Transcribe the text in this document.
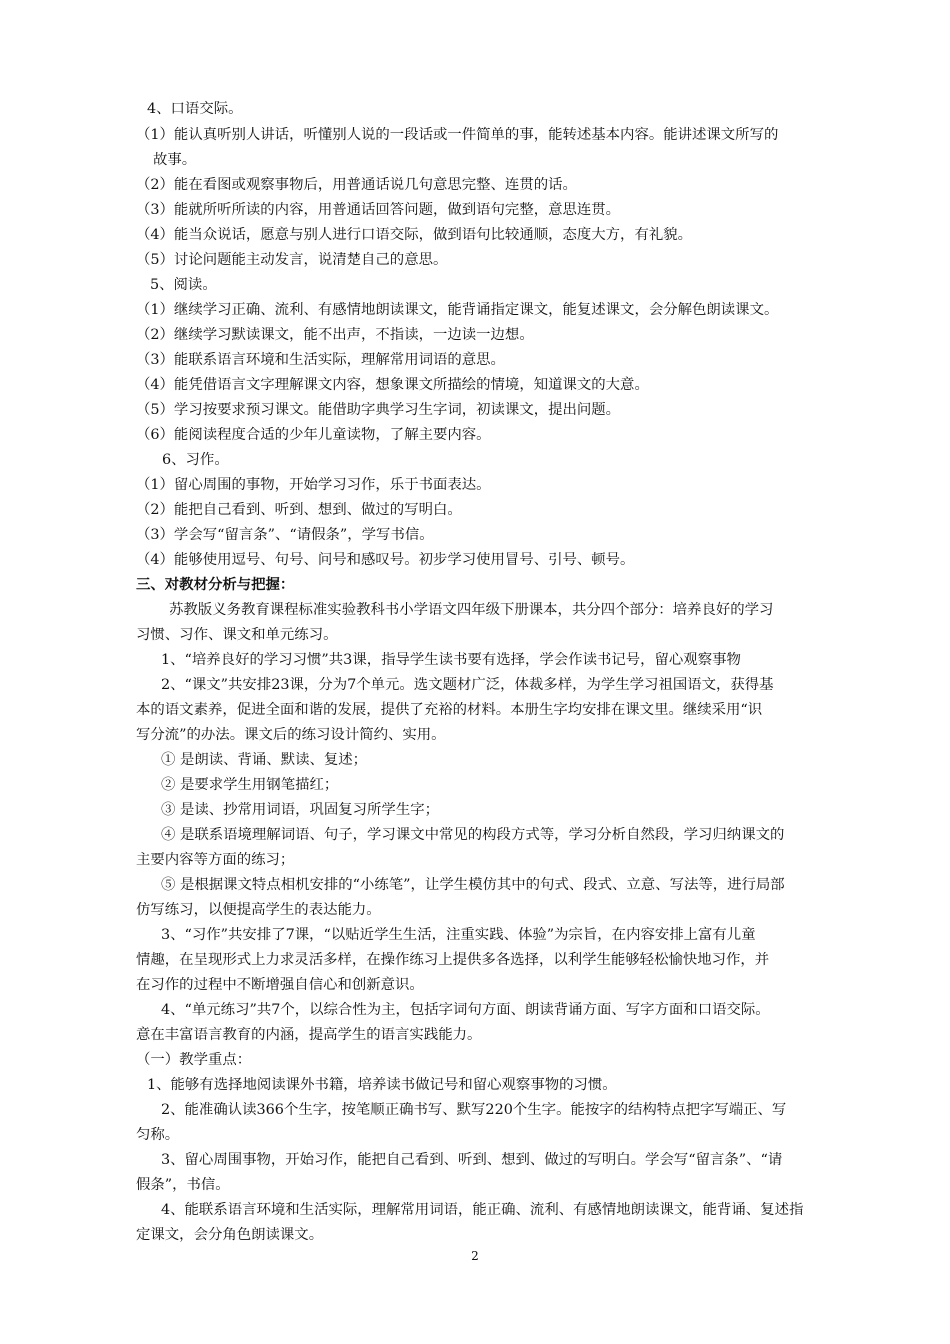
4、口语交际。
（1）能认真听别人讲话，听懂别人说的一段话或一件简单的事，能转述基本内容。能讲述课文所写的
故事。
（2）能在看图或观察事物后，用普通话说几句意思完整、连贯的话。
（3）能就所听所读的内容，用普通话回答问题，做到语句完整，意思连贯。
（4）能当众说话，愿意与别人进行口语交际，做到语句比较通顺，态度大方，有礼貌。
（5）讨论问题能主动发言，说清楚自己的意思。
5、阅读。
（1）继续学习正确、流利、有感情地朗读课文，能背诵指定课文，能复述课文，会分解色朗读课文。
（2）继续学习默读课文，能不出声，不指读，一边读一边想。
（3）能联系语言环境和生活实际，理解常用词语的意思。
（4）能凭借语言文字理解课文内容，想象课文所描绘的情境，知道课文的大意。
（5）学习按要求预习课文。能借助字典学习生字词，初读课文，提出问题。
（6）能阅读程度合适的少年儿童读物，了解主要内容。
6、习作。
（1）留心周围的事物，开始学习习作，乐于书面表达。
（2）能把自己看到、听到、想到、做过的写明白。
（3）学会写“留言条”、“请假条”，学写书信。
（4）能够使用逗号、句号、问号和感叹号。初步学习使用冒号、引号、顿号。
三、对教材分析与把握：
苏教版义务教育课程标准实验教科书小学语文四年级下册课本，共分四个部分：培养良好的学习
习惯、习作、课文和单元练习。
1、“培养良好的学习习惯”共3课，指导学生读书要有选择，学会作读书记号，留心观察事物
2、“课文”共安排23课，分为7个单元。选文题材广泛，体裁多样，为学生学习祖国语文，获得基
本的语文素养，促进全面和谐的发展，提供了充裕的材料。本册生字均安排在课文里。继续采用“识
写分流”的办法。课文后的练习设计简约、实用。
① 是朗读、背诵、默读、复述；
② 是要求学生用钢笔描红；
③ 是读、抄常用词语，巩固复习所学生字；
④ 是联系语境理解词语、句子，学习课文中常见的构段方式等，学习分析自然段，学习归纳课文的
主要内容等方面的练习；
⑤ 是根据课文特点相机安排的“小练笔”，让学生模仿其中的句式、段式、立意、写法等，进行局部
仿写练习，以便提高学生的表达能力。
3、“习作”共安排了7课，“以贴近学生生活，注重实践、体验”为宗旨，在内容安排上富有儿童
情趣，在呈现形式上力求灵活多样，在操作练习上提供多各选择，以利学生能够轻松愉快地习作，并
在习作的过程中不断增强自信心和创新意识。
4、“单元练习”共7个，以综合性为主，包括字词句方面、朗读背诵方面、写字方面和口语交际。
意在丰富语言教育的内涵，提高学生的语言实践能力。
（一）教学重点：
1、能够有选择地阅读课外书籍，培养读书做记号和留心观察事物的习惯。
2、能准确认读366个生字，按笔顺正确书写、默写220个生字。能按字的结构特点把字写端正、写
匀称。
3、留心周围事物，开始习作，能把自己看到、听到、想到、做过的写明白。学会写“留言条”、“请
假条”，书信。
4、能联系语言环境和生活实际，理解常用词语，能正确、流利、有感情地朗读课文，能背诵、复述指
定课文，会分角色朗读课文。
2
